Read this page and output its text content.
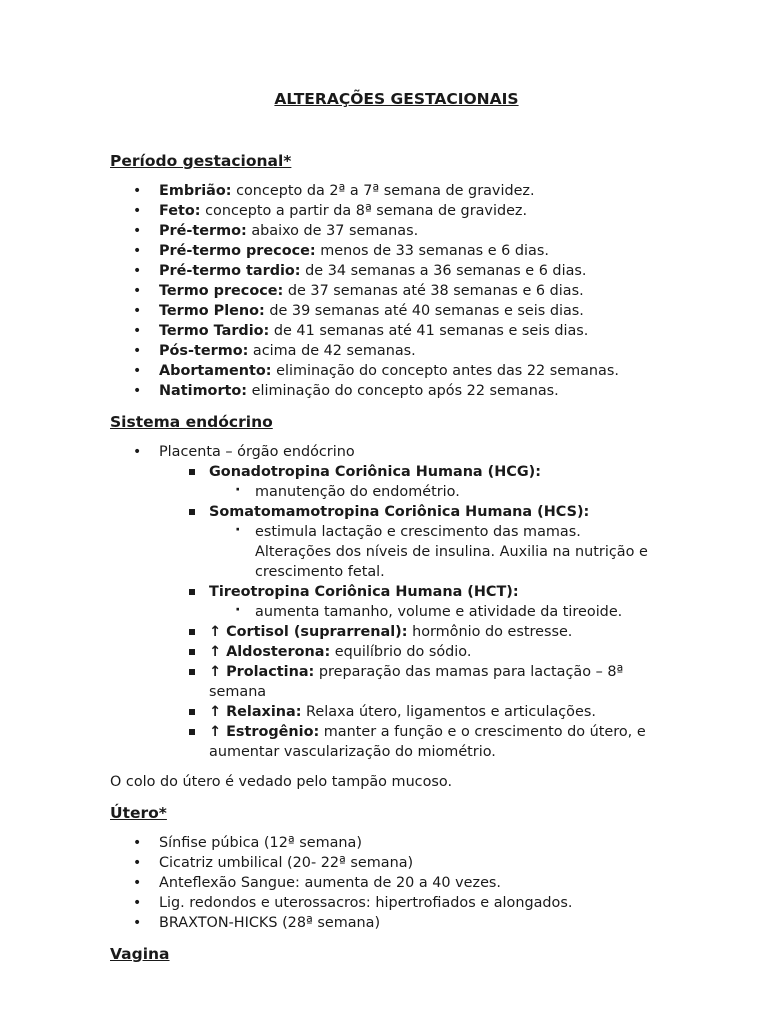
ALTERAÇÕES GESTACIONAIS
Período gestacional*
• Embrião: concepto da 2ª a 7ª semana de gravidez.
• Feto: concepto a partir da 8ª semana de gravidez.
• Pré-termo: abaixo de 37 semanas.
• Pré-termo precoce: menos de 33 semanas e 6 dias.
• Pré-termo tardio: de 34 semanas a 36 semanas e 6 dias.
• Termo precoce: de 37 semanas até 38 semanas e 6 dias.
• Termo Pleno: de 39 semanas até 40 semanas e seis dias.
• Termo Tardio: de 41 semanas até 41 semanas e seis dias.
• Pós-termo: acima de 42 semanas.
• Abortamento: eliminação do concepto antes das 22 semanas.
• Natimorto: eliminação do concepto após 22 semanas.
Sistema endócrino
• Placenta – órgão endócrino
Gonadotropina Coriônica Humana (HCG):
· manutenção do endométrio.
Somatomamotropina Coriônica Humana (HCS):
· estimula lactação e crescimento das mamas. Alterações dos níveis de insulina. Auxilia na nutrição e crescimento fetal.
Tireotropina Coriônica Humana (HCT):
· aumenta tamanho, volume e atividade da tireoide.
↑ Cortisol (suprarrenal): hormônio do estresse.
↑ Aldosterona: equilíbrio do sódio.
↑ Prolactina: preparação das mamas para lactação – 8ª semana
↑ Relaxina: Relaxa útero, ligamentos e articulações.
↑ Estrogênio: manter a função e o crescimento do útero, e aumentar vascularização do miométrio.

O colo do útero é vedado pelo tampão mucoso.

Útero*
• Sínfise púbica (12ª semana)
• Cicatriz umbilical (20- 22ª semana)
• Anteflexão Sangue: aumenta de 20 a 40 vezes.
• Lig. redondos e uterossacros: hipertrofiados e alongados.
• BRAXTON-HICKS (28ª semana)
Vagina
